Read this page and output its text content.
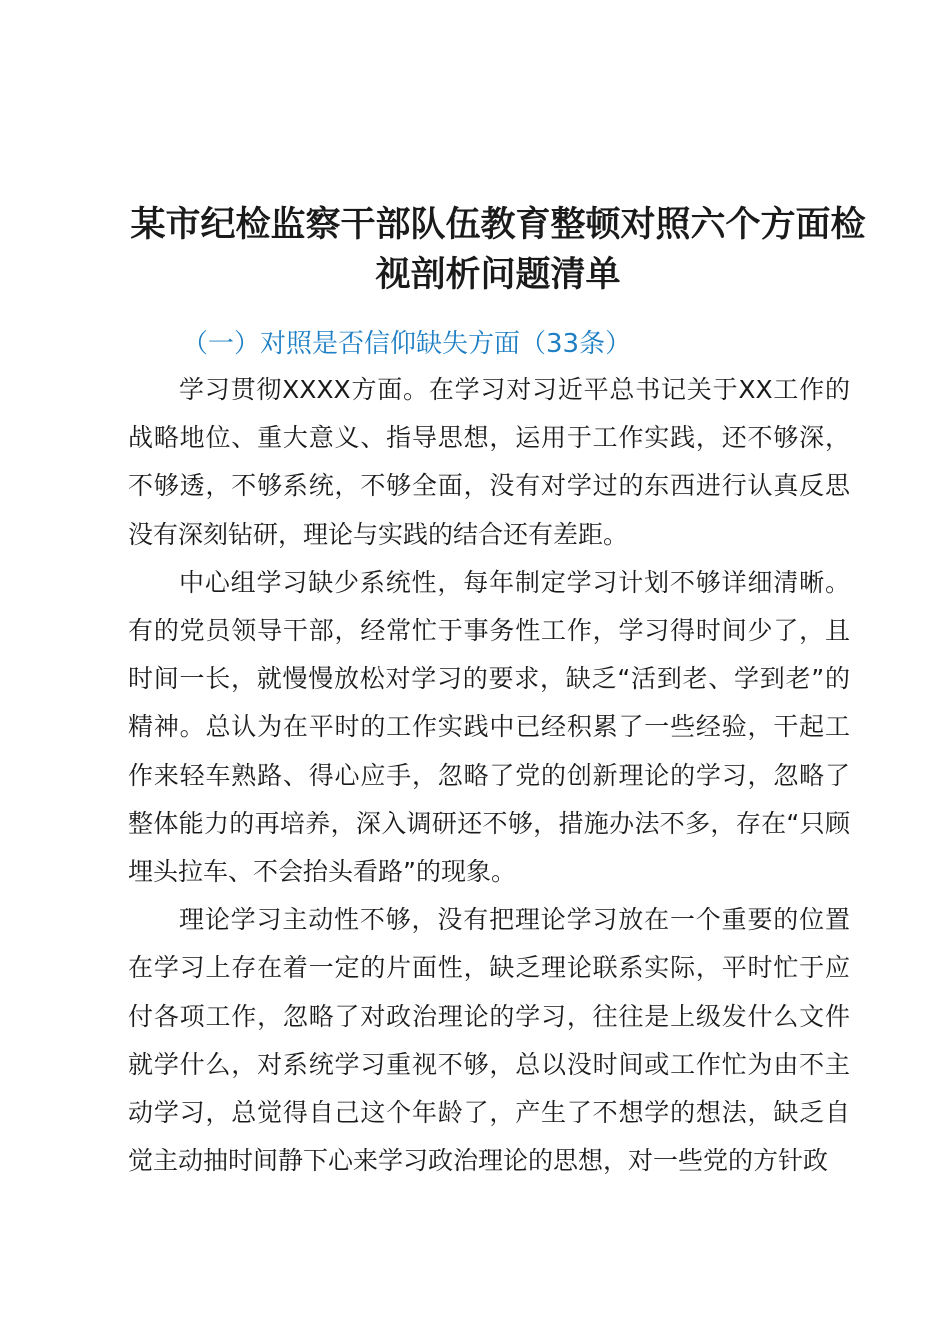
某市纪检监察干部队伍教育整顿对照六个方面检视剖析问题清单
（一）对照是否信仰缺失方面（33条）

学习贯彻XXXX方面。在学习对习近平总书记关于XX工作的战略地位、重大意义、指导思想，运用于工作实践，还不够深，不够透，不够系统，不够全面，没有对学过的东西进行认真反思没有深刻钻研，理论与实践的结合还有差距。

中心组学习缺少系统性，每年制定学习计划不够详细清晰。有的党员领导干部，经常忙于事务性工作，学习得时间少了，且时间一长，就慢慢放松对学习的要求，缺乏“活到老、学到老”的精神。总认为在平时的工作实践中已经积累了一些经验，干起工作来轻车熟路、得心应手，忽略了党的创新理论的学习，忽略了整体能力的再培养，深入调研还不够，措施办法不多，存在“只顾埋头拉车、不会抬头看路”的现象。

理论学习主动性不够，没有把理论学习放在一个重要的位置在学习上存在着一定的片面性，缺乏理论联系实际，平时忙于应付各项工作，忽略了对政治理论的学习，往往是上级发什么文件就学什么，对系统学习重视不够，总以没时间或工作忙为由不主动学习，总觉得自己这个年龄了，产生了不想学的想法，缺乏自觉主动抽时间静下心来学习政治理论的思想，对一些党的方针政
